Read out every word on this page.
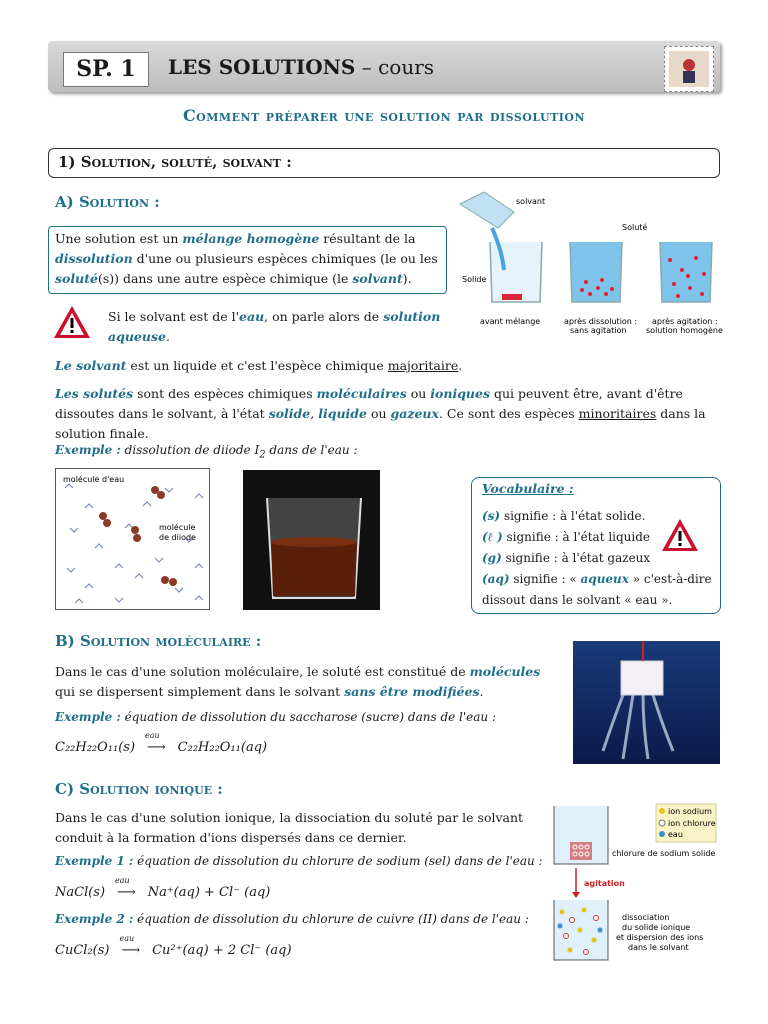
SP. 1	LES SOLUTIONS – cours
Comment préparer une solution par dissolution
1) Solution, soluté, solvant :
A) Solution :
Une solution est un mélange homogène résultant de la dissolution d'une ou plusieurs espèces chimiques (le ou les soluté(s)) dans une autre espèce chimique (le solvant).
Si le solvant est de l'eau, on parle alors de solution aqueuse.
solvant
Solide
avant mélange
Soluté
après dissolution :
sans agitation
après agitation :
solution homogène
Le solvant est un liquide et c'est l'espèce chimique majoritaire.
Les solutés sont des espèces chimiques moléculaires ou ioniques qui peuvent être, avant d'être dissoutes dans le solvant, à l'état solide, liquide ou gazeux. Ce sont des espèces minoritaires dans la solution finale.
Exemple : dissolution de diiode $I_2$ dans de l'eau :
molécule d'eau
molécule
de diiode
Vocabulaire :
(s) signifie : à l'état solide.
(ℓ ) signifie : à l'état liquide
(g) signifie : à l'état gazeux
(aq) signifie : « aqueux » c'est-à-dire
dissout dans le solvant « eau ».
B) Solution moléculaire :
Dans le cas d'une solution moléculaire, le soluté est constitué de molécules qui se dispersent simplement dans le solvant sans être modifiées.
Exemple : équation de dissolution du saccharose (sucre) dans de l'eau :
C₂₂H₂₂O₁₁(s)
eau
⟶ C₂₂H₂₂O₁₁(aq)
C) Solution ionique :
Dans le cas d'une solution ionique, la dissociation du soluté par le solvant conduit à la formation d'ions dispersés dans ce dernier.
Exemple 1 : équation de dissolution du chlorure de sodium (sel) dans de l'eau :
NaCl(s)
eau
⟶ Na⁺(aq) + Cl⁻ (aq)
Exemple 2 : équation de dissolution du chlorure de cuivre (II) dans de l'eau :
CuCl₂(s)
eau
⟶ Cu²⁺(aq) + 2 Cl⁻ (aq)
ion sodium
ion chlorure
eau
chlorure de sodium solide
agitation
dissociation
du solide ionique
et dispersion des ions
dans le solvant
